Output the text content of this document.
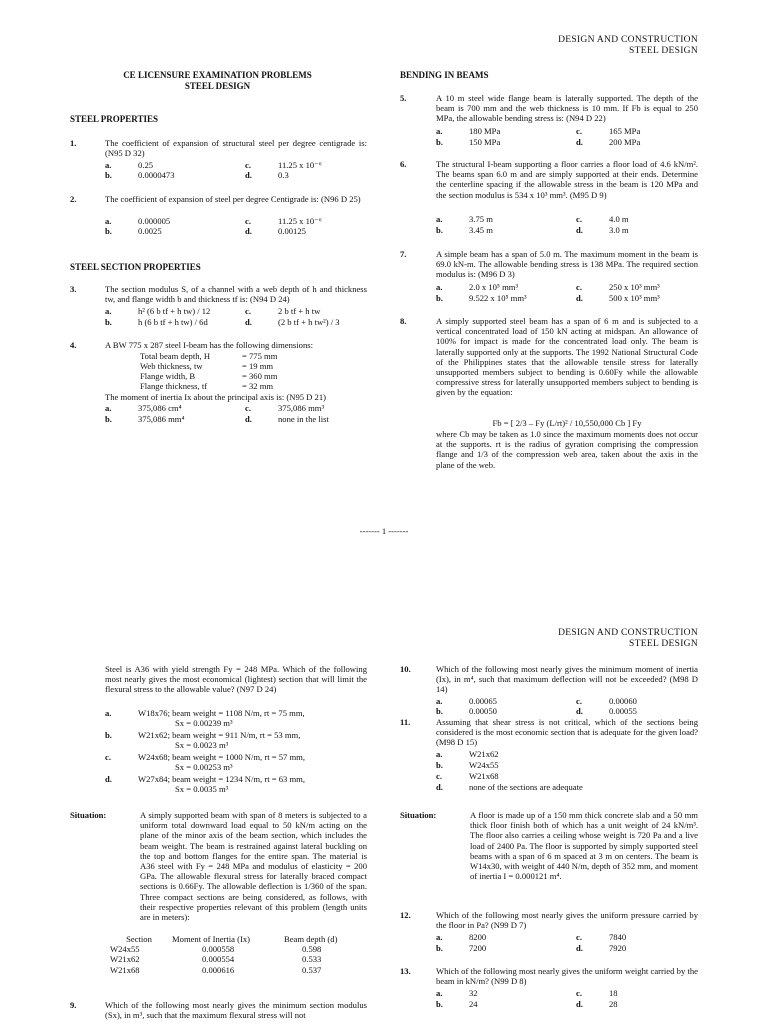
DESIGN AND CONSTRUCTION
STEEL DESIGN
CE LICENSURE EXAMINATION PROBLEMS
STEEL DESIGN
STEEL PROPERTIES
1.	The coefficient of expansion of structural steel per degree centigrade is: (N95 D 32)
a.	0.25
b.	0.0000473
c.	11.25 x 10⁻⁶
d.	0.3
2.	The coefficient of expansion of steel per degree Centigrade is: (N96 D 25)
a.	0.000005
b.	0.0025
c.	11.25 x 10⁻⁶
d.	0.00125
STEEL SECTION PROPERTIES
3.	The section modulus S, of a channel with a web depth of h and thickness tw, and flange width b and thickness tf is: (N94 D 24)
a.	h² (6 b tf + h tw) / 12
b.	h (6 b tf + h tw) / 6d
c.	2 b tf + h tw
d.	(2 b tf + h tw²) / 3
4.	A BW 775 x 287 steel I-beam has the following dimensions:
Total beam depth, H	= 775 mm
Web thickness, tw	= 19 mm
Flange width, B	= 360 mm
Flange thickness, tf	= 32 mm
The moment of inertia Ix about the principal axis is: (N95 D 21)
a.	375,086 cm⁴
b.	375,086 mm⁴
c.	375,086 mm³
d.	none in the list
BENDING IN BEAMS
5.	A 10 m steel wide flange beam is laterally supported. The depth of the beam is 700 mm and the web thickness is 10 mm. If Fb is equal to 250 MPa, the allowable bending stress is: (N94 D 22)
a.	180 MPa
b.	150 MPa
c.	165 MPa
d.	200 MPa
6.	The structural I-beam supporting a floor carries a floor load of 4.6 kN/m². The beams span 6.0 m and are simply supported at their ends. Determine the centerline spacing if the allowable stress in the beam is 120 MPa and the section modulus is 534 x 10³ mm³. (M95 D 9)
a.	3.75 m
b.	3.45 m
c.	4.0 m
d.	3.0 m
7.	A simple beam has a span of 5.0 m. The maximum moment in the beam is 69.0 kN-m. The allowable bending stress is 138 MPa. The required section modulus is: (M96 D 3)
a.	2.0 x 10⁵ mm³
b.	9.522 x 10⁵ mm³
c.	250 x 10³ mm³
d.	500 x 10³ mm³
8.	A simply supported steel beam has a span of 6 m and is subjected to a vertical concentrated load of 150 kN acting at midspan. An allowance of 100% for impact is made for the concentrated load only. The beam is laterally supported only at the supports. The 1992 National Structural Code of the Philippines states that the allowable tensile stress for laterally unsupported members subject to bending is 0.60Fy while the allowable compressive stress for laterally unsupported members subject to bending is given by the equation:
Fb = [ 2/3 – Fy (L/rt)² / 10,550,000 Cb ] Fy
where Cb may be taken as 1.0 since the maximum moments does not occur at the supports. rt is the radius of gyration comprising the compression flange and 1/3 of the compression web area, taken about the axis in the plane of the web.
------- 1 -------
DESIGN AND CONSTRUCTION
STEEL DESIGN
Steel is A36 with yield strength Fy = 248 MPa. Which of the following most nearly gives the most economical (lightest) section that will limit the flexural stress to the allowable value? (N97 D 24)
a.	W18x76; beam weight = 1108 N/m, rt = 75 mm,
Sx = 0.00239 m³
b.	W21x62; beam weight = 911 N/m, rt = 53 mm,
Sx = 0.0023 m³
c.	W24x68; beam weight = 1000 N/m, rt = 57 mm,
Sx = 0.00253 m³
d.	W27x84; beam weight = 1234 N/m, rt = 63 mm,
Sx = 0.0035 m³
Situation:	A simply supported beam with span of 8 meters is subjected to a uniform total downward load equal to 50 kN/m acting on the plane of the minor axis of the beam section, which includes the beam weight. The beam is restrained against lateral buckling on the top and bottom flanges for the entire span. The material is A36 steel with Fy = 248 MPa and modulus of elasticity = 200 GPa. The allowable flexural stress for laterally braced compact sections is 0.66Fy. The allowable deflection is 1/360 of the span. Three compact sections are being considered, as follows, with their respective properties relevant of this problem (length units are in meters):
Section	Moment of Inertia (Ix)	Beam depth (d)
W24x55	0.000558	0.598
W21x62	0.000554	0.533
W21x68	0.000616	0.537
9.	Which of the following most nearly gives the minimum section modulus (Sx), in m³, such that the maximum flexural stress will not
10.	Which of the following most nearly gives the minimum moment of inertia (Ix), in m⁴, such that maximum deflection will not be exceeded? (M98 D 14)
a.	0.00065
b.	0.00050
c.	0.00060
d.	0.00055
11.	Assuming that shear stress is not critical, which of the sections being considered is the most economic section that is adequate for the given load? (M98 D 15)
a.	W21x62
b.	W24x55
c.	W21x68
d.	none of the sections are adequate
Situation:	A floor is made up of a 150 mm thick concrete slab and a 50 mm thick floor finish both of which has a unit weight of 24 kN/m³. The floor also carries a ceiling whose weight is 720 Pa and a live load of 2400 Pa. The floor is supported by simply supported steel beams with a span of 6 m spaced at 3 m on centers. The beam is W14x30, with weight of 440 N/m, depth of 352 mm, and moment of inertia I = 0.000121 m⁴.
12.	Which of the following most nearly gives the uniform pressure carried by the floor in Pa? (N99 D 7)
a.	8200
b.	7200
c.	7840
d.	7920
13.	Which of the following most nearly gives the uniform weight carried by the beam in kN/m? (N99 D 8)
a.	32
b.	24
c.	18
d.	28
